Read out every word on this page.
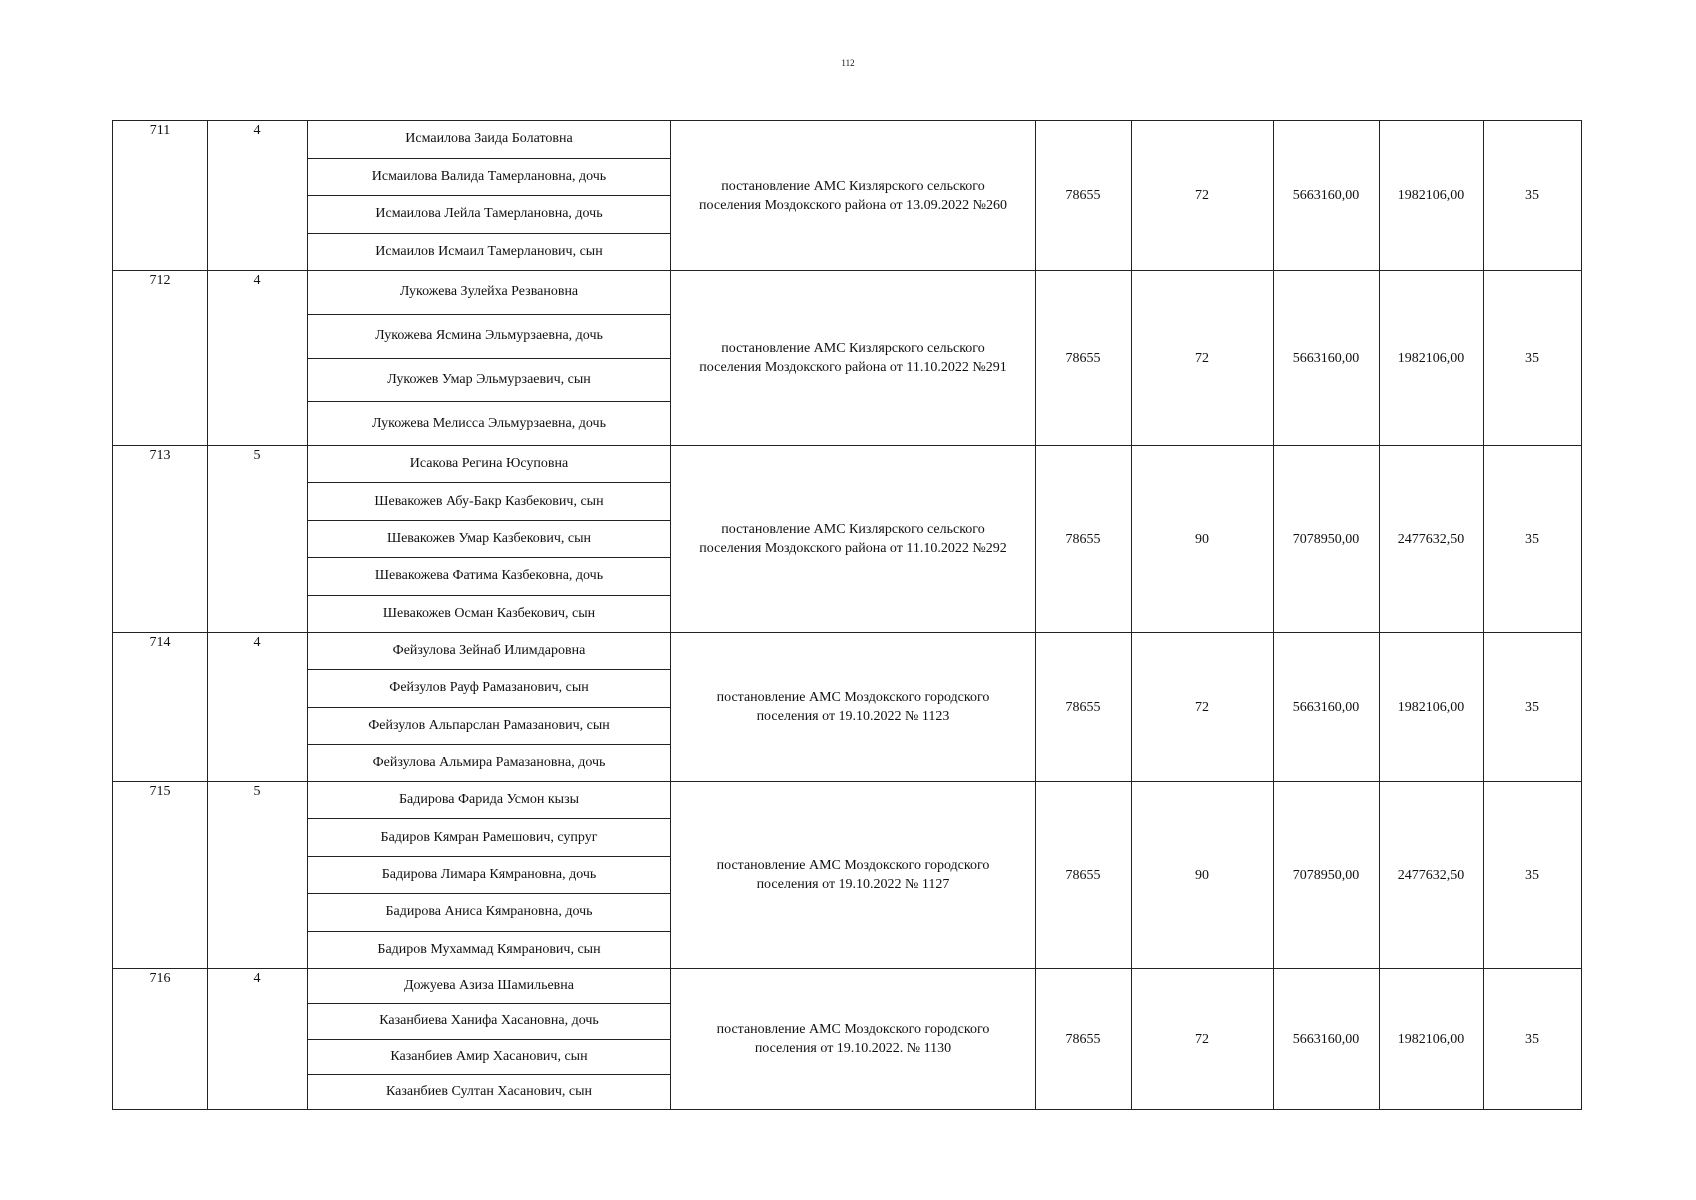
112
711	4
Исмаилова Заида Болатовна
Исмаилова Валида Тамерлановна, дочь
Исмаилова Лейла Тамерлановна, дочь
Исмаилов Исмаил Тамерланович, сын
постановление АМС Кизлярского сельского
поселения Моздокского района от 13.09.2022 №260
78655	72	5663160,00	1982106,00	35
712	4
Лукожева Зулейха Резвановна
Лукожева Ясмина Эльмурзаевна, дочь
Лукожев Умар Эльмурзаевич, сын
Лукожева Мелисса Эльмурзаевна, дочь
постановление АМС Кизлярского сельского
поселения Моздокского района от 11.10.2022 №291
78655	72	5663160,00	1982106,00	35
713	5
Исакова Регина Юсуповна
Шевакожев Абу-Бакр Казбекович, сын
Шевакожев Умар Казбекович, сын
Шевакожева Фатима Казбековна, дочь
Шевакожев Осман Казбекович, сын
постановление АМС Кизлярского сельского
поселения Моздокского района от 11.10.2022 №292
78655	90	7078950,00	2477632,50	35
714	4
Фейзулова Зейнаб Илимдаровна
Фейзулов Рауф Рамазанович, сын
Фейзулов Альпарслан Рамазанович, сын
Фейзулова Альмира Рамазановна, дочь
постановление АМС Моздокского городского
поселения от 19.10.2022 № 1123
78655	72	5663160,00	1982106,00	35
715	5
Бадирова Фарида Усмон кызы
Бадиров Кямран Рамешович, супруг
Бадирова Лимара Кямрановна, дочь
Бадирова Аниса Кямрановна, дочь
Бадиров Мухаммад Кямранович, сын
постановление АМС Моздокского городского
поселения от 19.10.2022 № 1127
78655	90	7078950,00	2477632,50	35
716	4	Дожуева Азиза Шамильевна
Казанбиева Ханифа Хасановна, дочь
Казанбиев Амир Хасанович, сын
Казанбиев Султан Хасанович, сын
постановление АМС Моздокского городского
поселения от 19.10.2022. № 1130
78655	72	5663160,00	1982106,00	35
